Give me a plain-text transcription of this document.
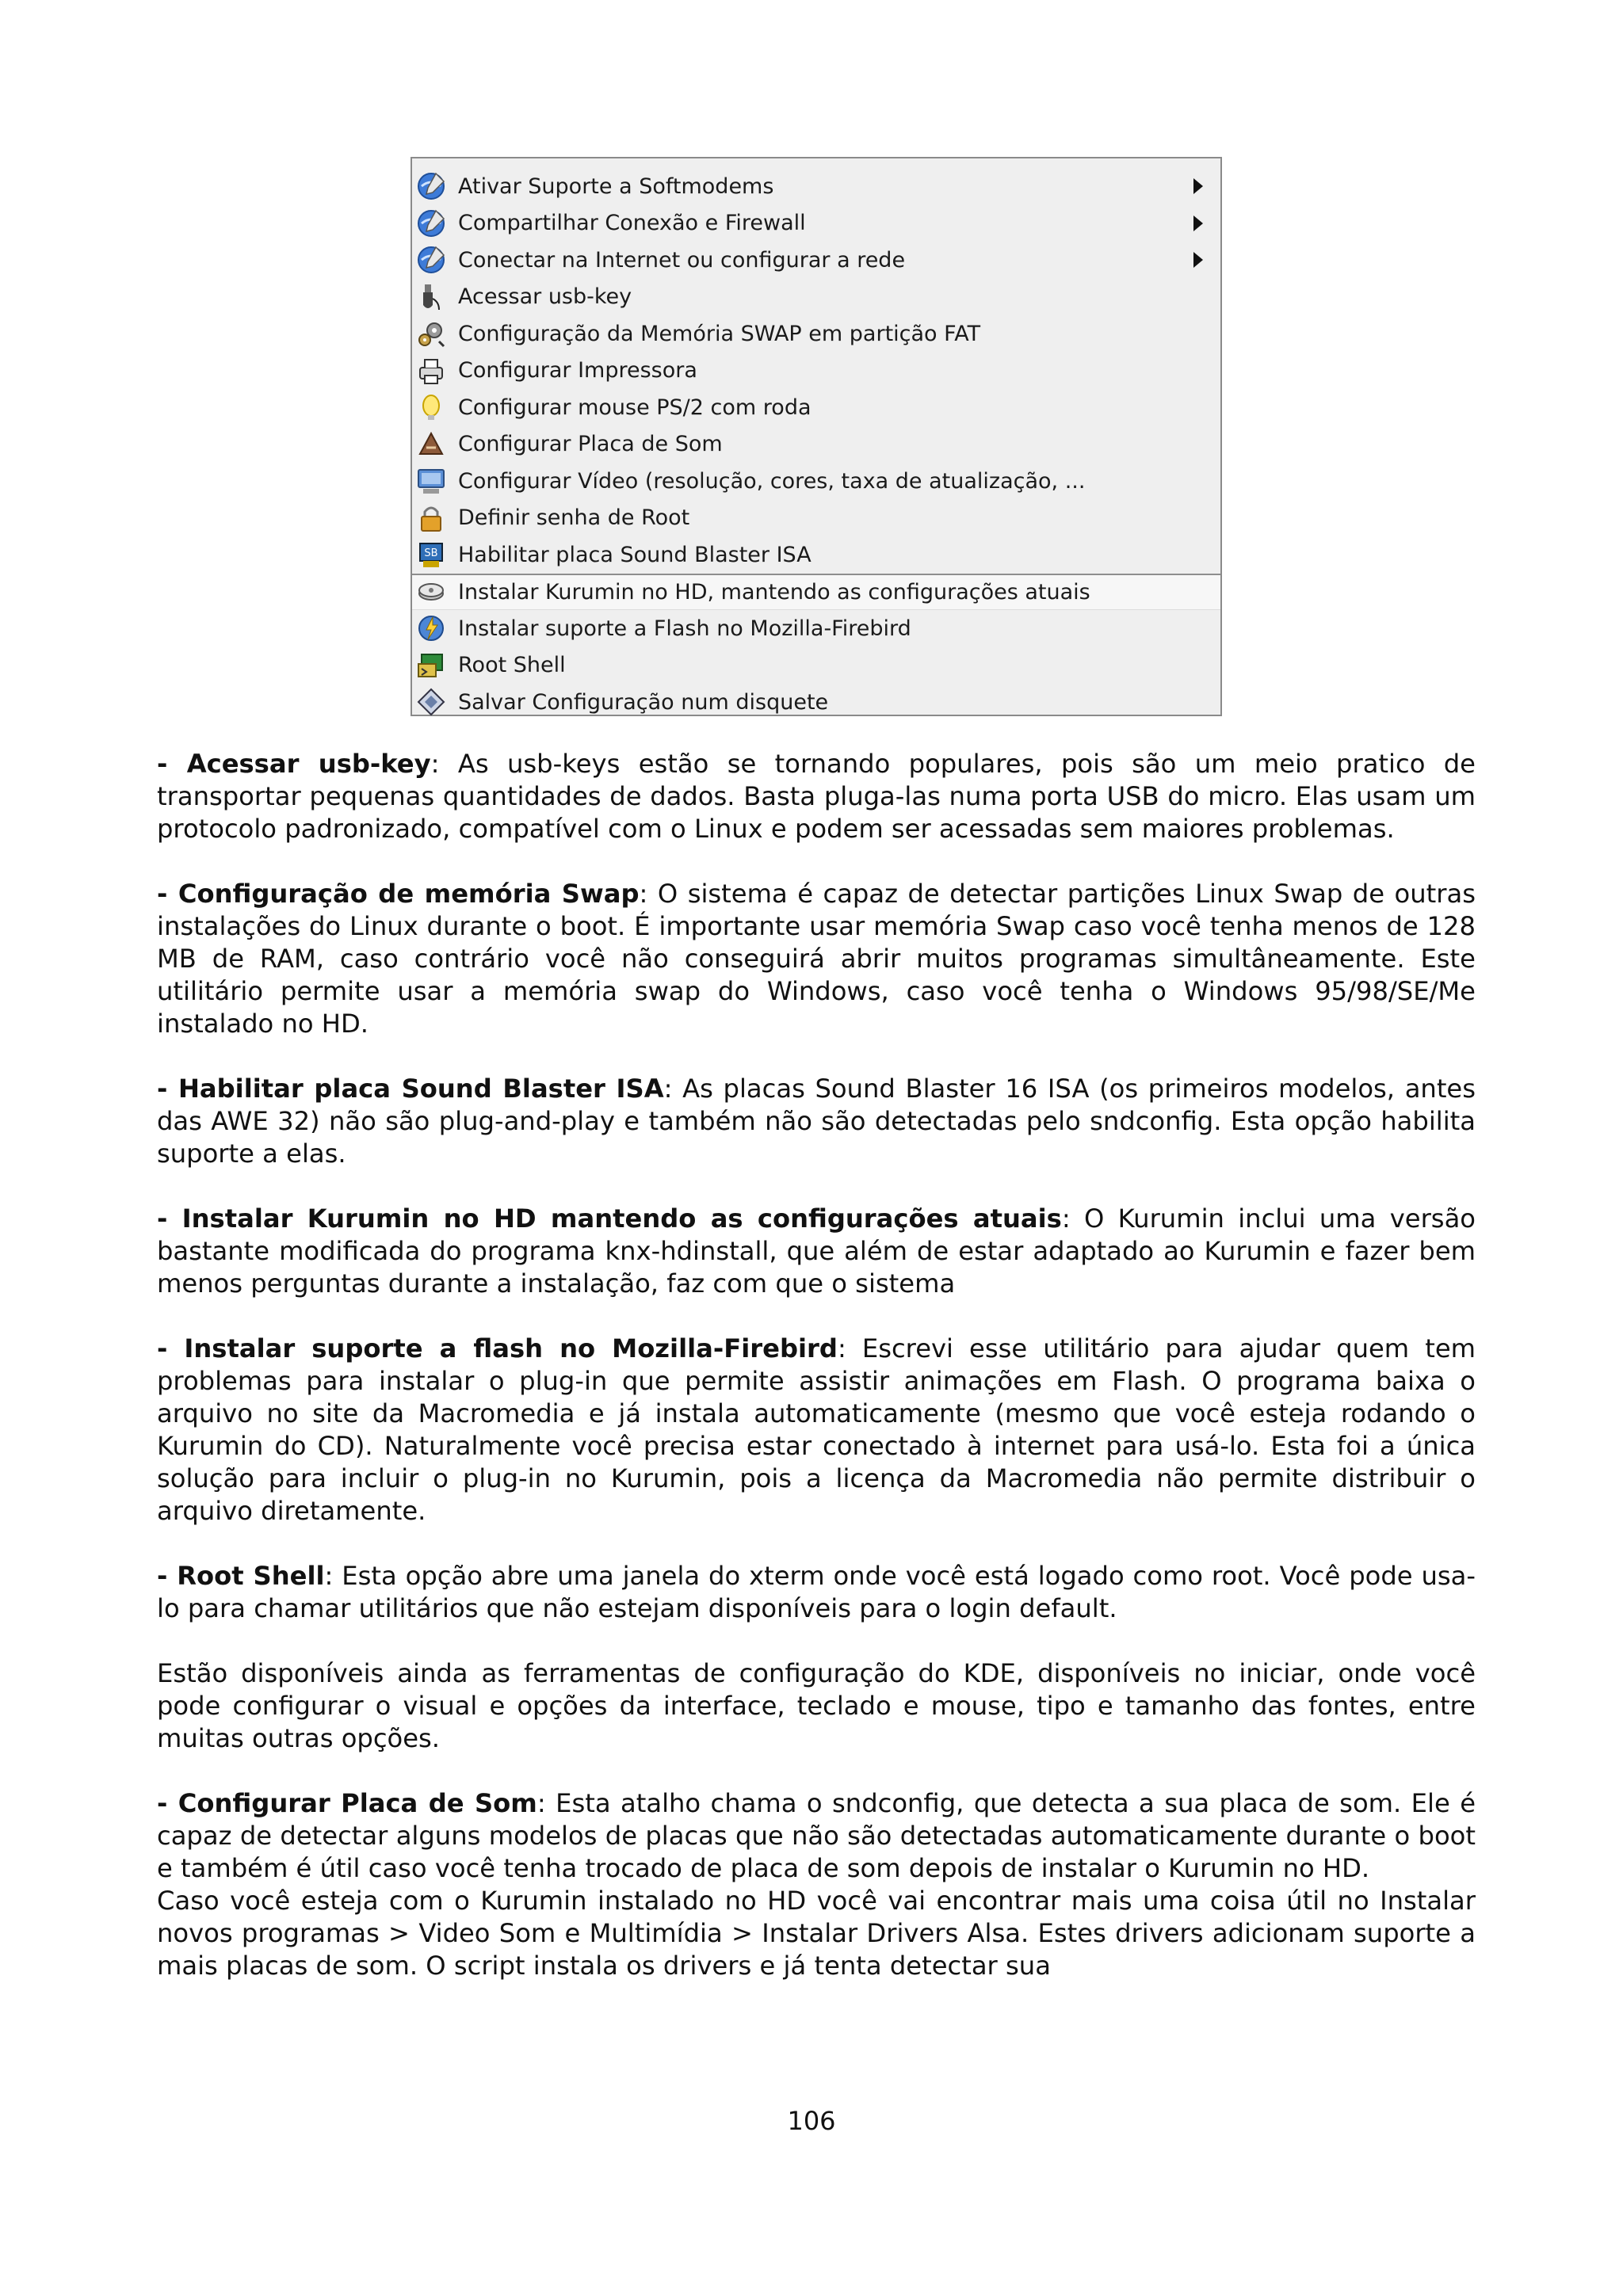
Ativar Suporte a Softmodems
Compartilhar Conexão e Firewall
Conectar na Internet ou configurar a rede
Acessar usb-key
Configuração da Memória SWAP em partição FAT
Configurar Impressora
Configurar mouse PS/2 com roda
Configurar Placa de Som
Configurar Vídeo (resolução, cores, taxa de atualização, ...
Definir senha de Root
SB Habilitar placa Sound Blaster ISA
Instalar Kurumin no HD, mantendo as configurações atuais
Instalar suporte a Flash no Mozilla-Firebird
Root Shell
Salvar Configuração num disquete

- Acessar usb-key: As usb-keys estão se tornando populares, pois são um meio pratico de transportar pequenas quantidades de dados. Basta pluga-las numa porta USB do micro. Elas usam um protocolo padronizado, compatível com o Linux e podem ser acessadas sem maiores problemas.

- Configuração de memória Swap: O sistema é capaz de detectar partições Linux Swap de outras instalações do Linux durante o boot. É importante usar memória Swap caso você tenha menos de 128 MB de RAM, caso contrário você não conseguirá abrir muitos programas simultâneamente. Este utilitário permite usar a memória swap do Windows, caso você tenha o Windows 95/98/SE/Me instalado no HD.

- Habilitar placa Sound Blaster ISA: As placas Sound Blaster 16 ISA (os primeiros modelos, antes das AWE 32) não são plug-and-play e também não são detectadas pelo sndconfig. Esta opção habilita suporte a elas.

- Instalar Kurumin no HD mantendo as configurações atuais: O Kurumin inclui uma versão bastante modificada do programa knx-hdinstall, que além de estar adaptado ao Kurumin e fazer bem menos perguntas durante a instalação, faz com que o sistema

- Instalar suporte a flash no Mozilla-Firebird: Escrevi esse utilitário para ajudar quem tem problemas para instalar o plug-in que permite assistir animações em Flash. O programa baixa o arquivo no site da Macromedia e já instala automaticamente (mesmo que você esteja rodando o Kurumin do CD). Naturalmente você precisa estar conectado à internet para usá-lo. Esta foi a única solução para incluir o plug-in no Kurumin, pois a licença da Macromedia não permite distribuir o arquivo diretamente.

- Root Shell: Esta opção abre uma janela do xterm onde você está logado como root. Você pode usa-lo para chamar utilitários que não estejam disponíveis para o login default.

Estão disponíveis ainda as ferramentas de configuração do KDE, disponíveis no iniciar, onde você pode configurar o visual e opções da interface, teclado e mouse, tipo e tamanho das fontes, entre muitas outras opções.

- Configurar Placa de Som: Esta atalho chama o sndconfig, que detecta a sua placa de som. Ele é capaz de detectar alguns modelos de placas que não são detectadas automaticamente durante o boot e também é útil caso você tenha trocado de placa de som depois de instalar o Kurumin no HD.

Caso você esteja com o Kurumin instalado no HD você vai encontrar mais uma coisa útil no Instalar novos programas > Video Som e Multimídia > Instalar Drivers Alsa. Estes drivers adicionam suporte a mais placas de som. O script instala os drivers e já tenta detectar sua

106
